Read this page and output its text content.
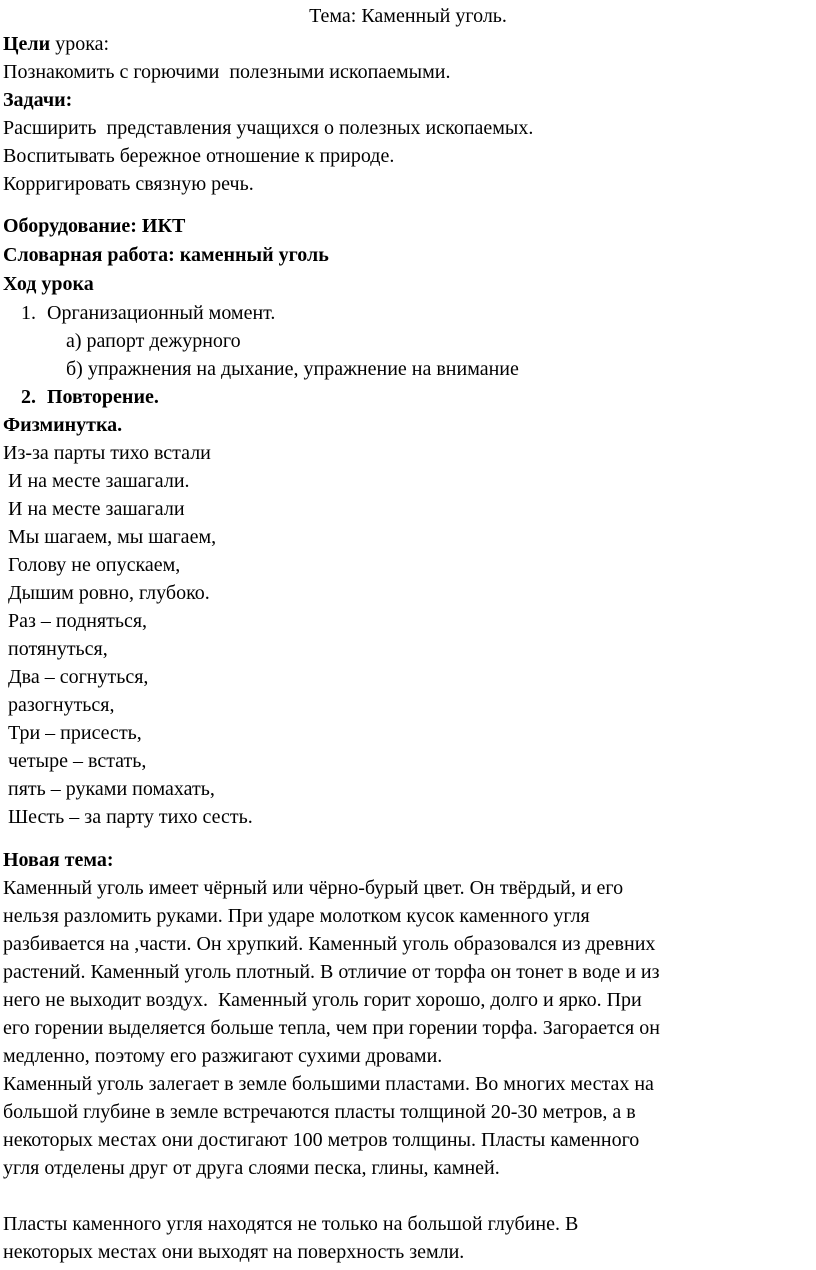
Тема: Каменный уголь.

Цели урока:

Познакомить с горючими  полезными ископаемыми.

Задачи:

Расширить  представления учащихся о полезных ископаемых.

Воспитывать бережное отношение к природе.

Корригировать связную речь.

Оборудование: ИКТ

Словарная работа: каменный уголь

Ход урока

1. Организационный момент.

а) рапорт дежурного

б) упражнения на дыхание, упражнение на внимание

2. Повторение.

Физминутка.

Из-за парты тихо встали

И на месте зашагали.

И на месте зашагали

Мы шагаем, мы шагаем,

Голову не опускаем,

Дышим ровно, глубоко.

Раз – подняться,

потянуться,

Два – согнуться,

разогнуться,

Три – присесть,

четыре – встать,

пять – руками помахать,

Шесть – за парту тихо сесть.

Новая тема:

Каменный уголь имеет чёрный или чёрно-бурый цвет. Он твёрдый, и его

нельзя разломить руками. При ударе молотком кусок каменного угля

разбивается на ,части. Он хрупкий. Каменный уголь образовался из древних

растений. Каменный уголь плотный. В отличие от торфа он тонет в воде и из

него не выходит воздух.  Каменный уголь горит хорошо, долго и ярко. При

его горении выделяется больше тепла, чем при горении торфа. Загорается он

медленно, поэтому его разжигают сухими дровами.

Каменный уголь залегает в земле большими пластами. Во многих местах на

большой глубине в земле встречаются пласты толщиной 20-30 метров, а в

некоторых местах они достигают 100 метров толщины. Пласты каменного

угля отделены друг от друга слоями песка, глины, камней.

Пласты каменного угля находятся не только на большой глубине. В

некоторых местах они выходят на поверхность земли.
